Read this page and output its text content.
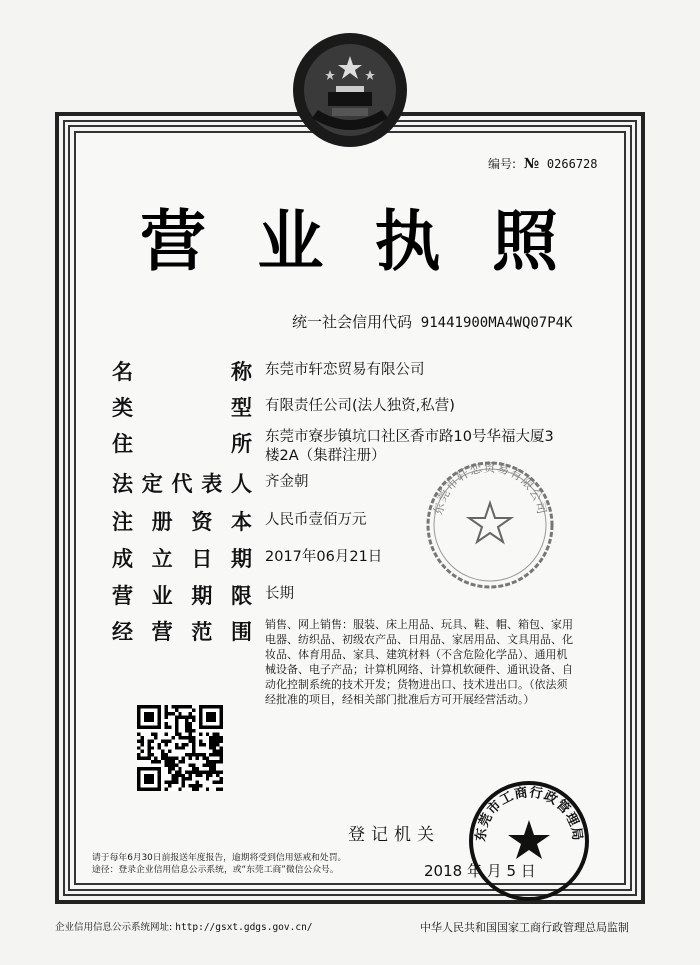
编号: № 0266728
营 业 执 照
统一社会信用代码 91441900MA4WQ07P4K
名	称 东莞市轩恋贸易有限公司
类	型 有限责任公司(法人独资,私营)
住	所 东莞市寮步镇坑口社区香市路10号华福大厦3
楼2A（集群注册）
法 定 代 表 人 齐金朝
注 册 资 本 人民币壹佰万元
成 立 日 期 2017年06月21日
营 业 期 限 长期
经 营 范 围 销售、网上销售：服装、床上用品、玩具、鞋、帽、箱包、家用
电器、纺织品、初级农产品、日用品、家居用品、文具用品、化
妆品、体育用品、家具、建筑材料（不含危险化学品）、通用机
械设备、电子产品；计算机网络、计算机软硬件、通讯设备、自
动化控制系统的技术开发；货物进出口、技术进出口。（依法须
经批准的项目，经相关部门批准后方可开展经营活动。）
请于每年6月30日前报送年度报告，逾期将受到信用惩戒和处罚。
途径：登录企业信用信息公示系统，或“东莞工商”微信公众号。
登记机关
2018 年 月 5 日
东莞市轩恋贸易有限公司
东莞市工商行政管理局
企业信用信息公示系统网址: http://gsxt.gdgs.gov.cn/	中华人民共和国国家工商行政管理总局监制
